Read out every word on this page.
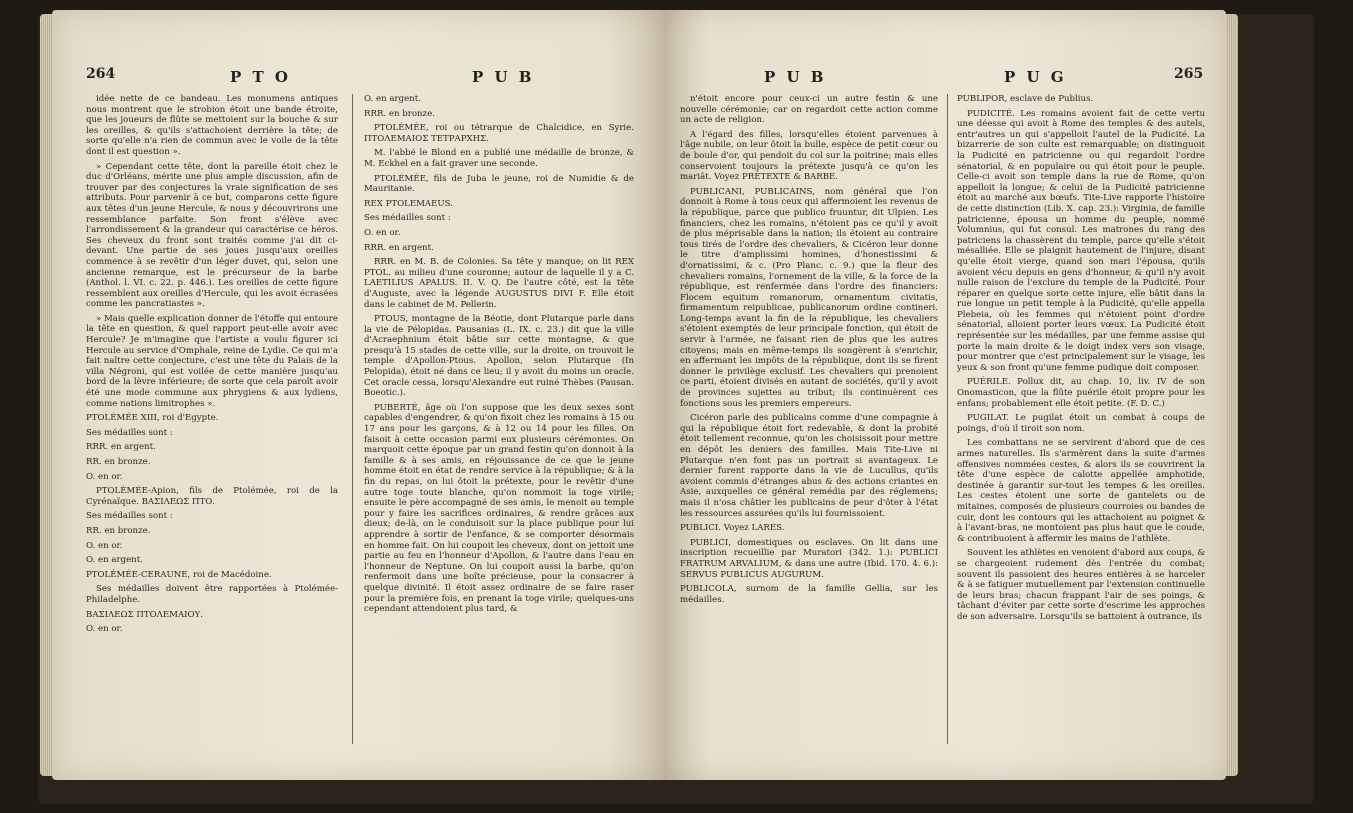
264	P T O	P U B

idée nette de ce bandeau. Les monumens antiques nous montrent que le strobion étoit une bande étroite, que les joueurs de flûte se mettoient sur la bouche & sur les oreilles, & qu'ils s'attachoient derrière la tête; de sorte qu'elle n'a rien de commun avec le voile de la tête dont il est question ».

» Cependant cette tête, dont la pareille étoit chez le duc d'Orléans, mérite une plus ample discussion, afin de trouver par des conjectures la vraie signification de ses attributs. Pour parvenir à ce but, comparons cette figure aux têtes d'un jeune Hercule, & nous y découvrirons une ressemblance parfaite. Son front s'élève avec l'arrondissement & la grandeur qui caractérise ce héros. Ses cheveux du front sont traités comme j'ai dit ci-devant. Une partie de ses joues jusqu'aux oreilles commence à se revêtir d'un léger duvet, qui, selon une ancienne remarque, est le précurseur de la barbe (Anthol. l. VI. c. 22. p. 446.). Les oreilles de cette figure ressemblent aux oreilles d'Hercule, qui les avoit écrasées comme les pancratiastes ».

» Mais quelle explication donner de l'étoffe qui entoure la tête en question, & quel rapport peut-elle avoir avec Hercule? Je m'imagine que l'artiste a voulu figurer ici Hercule au service d'Omphale, reine de Lydie. Ce qui m'a fait naître cette conjecture, c'est une tête du Palais de la villa Négroni, qui est voilée de cette manière jusqu'au bord de la lèvre inférieure; de sorte que cela paroît avoir été une mode commune aux phrygiens & aux lydiens, comme nations limitrophes ».

PTOLÉMÉE XIII, roi d'Egypte.

Ses médailles sont :

RRR. en argent.

RR. en bronze.

O. en or.

PTOLÉMÉE-Apion, fils de Ptolémée, roi de la Cyrénaïque. ΒΑΣΙΛΕΩΣ ΠΤΟ.

Ses médailles sont :

RR. en bronze.

O. en or.

O. en argent.

PTOLÉMÉE-CERAUNE, roi de Macédoine.

Ses médailles doivent être rapportées à Ptolémée-Philadelphe.

ΒΑΣΙΛΕΩΣ ΠΤΟΛΕΜΑΙΟΥ.

O. en or.

O. en argent.

RRR. en bronze.

PTOLÉMÉE, roi ou tétrarque de Chalcidice, en Syrie. ΠΤΟΛΕΜΑΙΟΣ ΤΕΤΡΑΡΧΗΣ.

M. l'abbé le Blond en a publié une médaille de bronze, & M. Eckhel en a fait graver une seconde.

PTOLÉMÉE, fils de Juba le jeune, roi de Numidie & de Mauritanie.

REX PTOLEMAEUS.

Ses médailles sont :

O. en or.

RRR. en argent.

RRR. en M. B. de Colonies. Sa tête y manque; on lit REX PTOL. au milieu d'une couronne; autour de laquelle il y a C. LAETILIUS APALUS. II. V. Q. De l'autre côté, est la tête d'Auguste, avec la légende AUGUSTUS DIVI F. Elle étoit dans le cabinet de M. Pellerin.

PTOUS, montagne de la Béotie, dont Plutarque parle dans la vie de Pélopidas. Pausanias (L. IX. c. 23.) dit que la ville d'Acraephnium étoit bâtie sur cette montagne, & que presqu'à 15 stades de cette ville, sur la droite, on trouvoit le temple d'Apollon-Ptous. Apollon, selon Plutarque (In Pelopida), étoit né dans ce lieu; il y avoit du moins un oracle. Cet oracle cessa, lorsqu'Alexandre eut ruiné Thèbes (Pausan. Boeotic.).

PUBERTÉ, âge où l'on suppose que les deux sexes sont capables d'engendrer, & qu'on fixoit chez les romains à 15 ou 17 ans pour les garçons, & à 12 ou 14 pour les filles. On faisoit à cette occasion parmi eux plusieurs cérémonies. On marquoit cette époque par un grand festin qu'on donnoit à la famille & à ses amis, en réjouissance de ce que le jeune homme étoit en état de rendre service à la république; & à la fin du repas, on lui ôtoit la prétexte, pour le revêtir d'une autre toge toute blanche, qu'on nommoit la toge virile; ensuite le père accompagné de ses amis, le menoit au temple pour y faire les sacrifices ordinaires, & rendre grâces aux dieux; de-là, on le conduisoit sur la place publique pour lui apprendre à sortir de l'enfance, & se comporter désormais en homme fait. On lui coupoit les cheveux, dont on jettoit une partie au feu en l'honneur d'Apollon, & l'autre dans l'eau en l'honneur de Neptune. On lui coupoit aussi la barbe, qu'on renfermoit dans une boîte précieuse, pour la consacrer à quelque divinité. Il étoit assez ordinaire de se faire raser pour la première fois, en prenant la toge virile; quelques-uns cependant attendoient plus tard, &

P U B	P U G	265

n'étoit encore pour ceux-ci un autre festin & une nouvelle cérémonie; car on regardoit cette action comme un acte de religion.

A l'égard des filles, lorsqu'elles étoient parvenues à l'âge nubile, on leur ôtoit la bulle, espèce de petit cœur ou de boule d'or, qui pendoit du col sur la poitrine; mais elles conservoient toujours la prétexte jusqu'à ce qu'on les mariât. Voyez PRÉTEXTE & BARBE.

PUBLICANI, PUBLICAINS, nom général que l'on donnoit à Rome à tous ceux qui affermoient les revenus de la république, parce que publico fruuntur, dit Ulpien. Les financiers, chez les romains, n'étoient pas ce qu'il y avoit de plus méprisable dans la nation; ils étoient au contraire tous tirés de l'ordre des chevaliers, & Cicéron leur donne le titre d'amplissimi homines, d'honestissimi & d'ornatissimi, & c. (Pro Planc. c. 9.) que la fleur des chevaliers romains, l'ornement de la ville, & la force de la république, est renfermée dans l'ordre des financiers: Flocem equitum romanorum, ornamentum civitatis, firmamentum reipublicae, publicanorum ordine contineri. Long-temps avant la fin de la république, les chevaliers s'étoient exemptés de leur principale fonction, qui étoit de servir à l'armée, ne faisant rien de plus que les autres citoyens; mais en même-temps ils songèrent à s'enrichir, en affermant les impôts de la république, dont ils se firent donner le privilège exclusif. Les chevaliers qui prenoient ce parti, étoient divisés en autant de sociétés, qu'il y avoit de provinces sujettes au tribut; ils continuèrent ces fonctions sous les premiers empereurs.

Cicéron parle des publicains comme d'une compagnie à qui la république étoit fort redevable, & dont la probité étoit tellement reconnue, qu'on les choisissoit pour mettre en dépôt les deniers des familles. Mais Tite-Live ni Plutarque n'en font pas un portrait si avantageux. Le dernier furent rapporte dans la vie de Lucullus, qu'ils avoient commis d'étranges abus & des actions criantes en Asie, auxquelles ce général remédia par des réglemens; mais il n'osa châtier les publicains de peur d'ôter à l'état les ressources assurées qu'ils lui fournissoient.

PUBLICI. Voyez LARES.

PUBLICI, domestiques ou esclaves. On lit dans une inscription recueillie par Muratori (342. 1.): PUBLICI FRATRUM ARVALIUM, & dans une autre (Ibid. 170. 4. 6.): SERVUS PUBLICUS AUGURUM.

PUBLICOLA, surnom de la famille Gellia, sur les médailles.

PUBLIPOR, esclave de Publius.

PUDICITÉ. Les romains avoient fait de cette vertu une déesse qui avoit à Rome des temples & des autels, entr'autres un qui s'appelloit l'autel de la Pudicité. La bizarrerie de son culte est remarquable; on distinguoit la Pudicité en patricienne ou qui regardoit l'ordre sénatorial, & en populaire ou qui étoit pour le peuple. Celle-ci avoit son temple dans la rue de Rome, qu'on appelloit la longue; & celui de la Pudicité patricienne étoit au marché aux bœufs. Tite-Live rapporte l'histoire de cette distinction (Lib. X. cap. 23.): Virginia, de famille patricienne, épousa un homme du peuple, nommé Volumnius, qui fut consul. Les matrones du rang des patriciens la chassèrent du temple, parce qu'elle s'étoit mésalliée. Elle se plaignit hautement de l'injure, disant qu'elle étoit vierge, quand son mari l'épousa, qu'ils avoient vécu depuis en gens d'honneur, & qu'il n'y avoit nulle raison de l'exclure du temple de la Pudicité. Pour réparer en quelque sorte cette injure, elle bâtit dans la rue longue un petit temple à la Pudicité, qu'elle appella Plebeia, où les femmes qui n'étoient point d'ordre sénatorial, alloient porter leurs vœux. La Pudicité étoit représentée sur les médailles, par une femme assise qui porte la main droite & le doigt index vers son visage, pour montrer que c'est principalement sur le visage, les yeux & son front qu'une femme pudique doit composer.

PUÉRILE. Pollux dit, au chap. 10, liv. IV de son Onomasticon, que la flûte puérile étoit propre pour les enfans; probablement elle étoit petite. (F. D. C.)

PUGILAT. Le pugilat étoit un combat à coups de poings, d'où il tiroit son nom.

Les combattans ne se servirent d'abord que de ces armes naturelles. Ils s'armèrent dans la suite d'armes offensives nommées cestes, & alors ils se couvrirent la tête d'une espèce de calotte appellée amphotide, destinée à garantir sur-tout les tempes & les oreilles. Les cestes étoient une sorte de gantelets ou de mitaines, composés de plusieurs courroies ou bandes de cuir, dont les contours qui les attachoient au poignet & à l'avant-bras, ne montoient pas plus haut que le coude, & contribuoient à affermir les mains de l'athlète.

Souvent les athlètes en venoient d'abord aux coups, & se chargeoient rudement dès l'entrée du combat; souvent ils passoient des heures entières à se harceler & à se fatiguer mutuellement par l'extension continuelle de leurs bras; chacun frappant l'air de ses poings, & tâchant d'éviter par cette sorte d'escrime les approches de son adversaire. Lorsqu'ils se battoient à outrance, ils
